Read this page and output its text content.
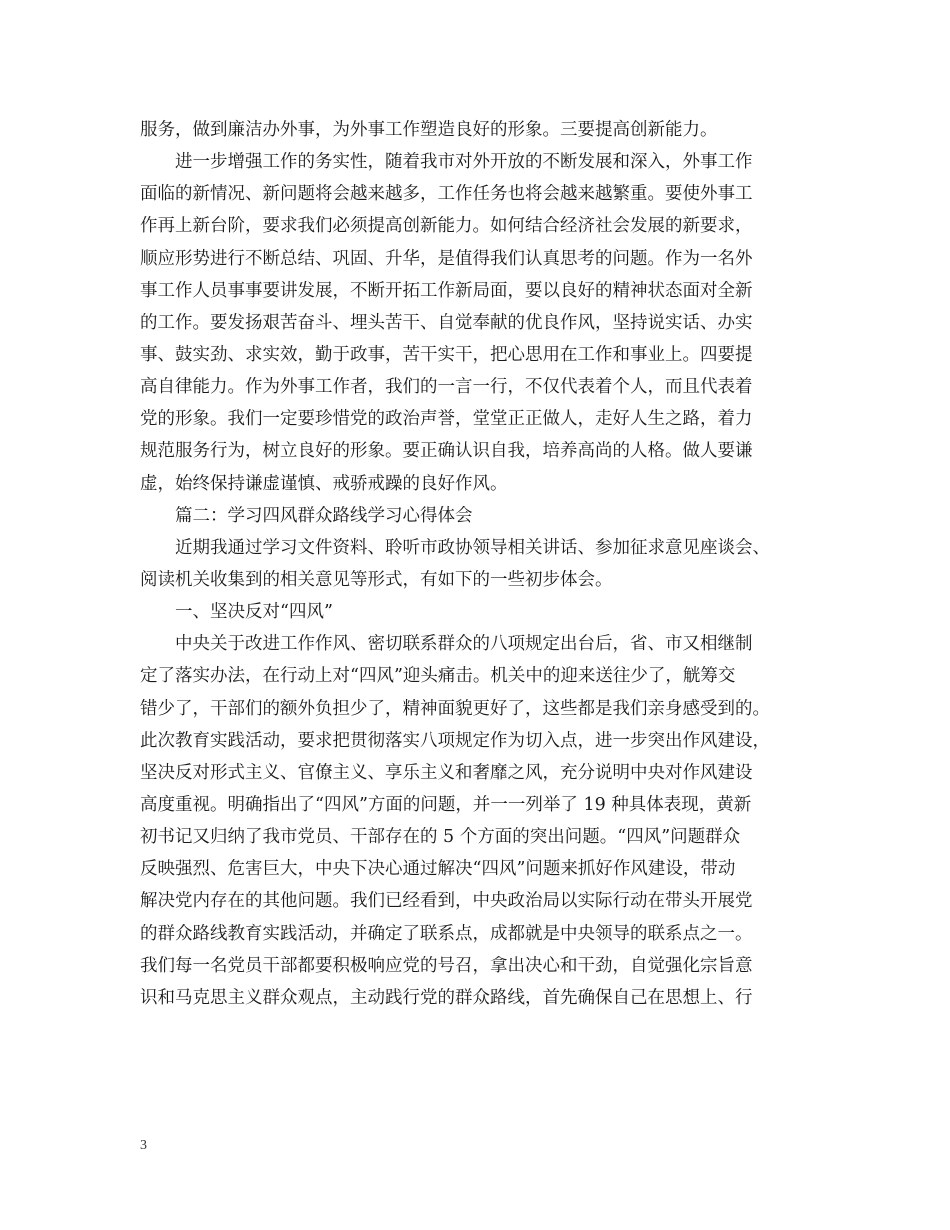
服务，做到廉洁办外事，为外事工作塑造良好的形象。三要提高创新能力。
　　进一步增强工作的务实性，随着我市对外开放的不断发展和深入，外事工作
面临的新情况、新问题将会越来越多，工作任务也将会越来越繁重。要使外事工
作再上新台阶，要求我们必须提高创新能力。如何结合经济社会发展的新要求，
顺应形势进行不断总结、巩固、升华，是值得我们认真思考的问题。作为一名外
事工作人员事事要讲发展，不断开拓工作新局面，要以良好的精神状态面对全新
的工作。要发扬艰苦奋斗、埋头苦干、自觉奉献的优良作风，坚持说实话、办实
事、鼓实劲、求实效，勤于政事，苦干实干，把心思用在工作和事业上。四要提
高自律能力。作为外事工作者，我们的一言一行，不仅代表着个人，而且代表着
党的形象。我们一定要珍惜党的政治声誉，堂堂正正做人，走好人生之路，着力
规范服务行为，树立良好的形象。要正确认识自我，培养高尚的人格。做人要谦
虚，始终保持谦虚谨慎、戒骄戒躁的良好作风。
　　篇二：学习四风群众路线学习心得体会
　　近期我通过学习文件资料、聆听市政协领导相关讲话、参加征求意见座谈会、
阅读机关收集到的相关意见等形式，有如下的一些初步体会。
　　一、坚决反对“四风”
　　中央关于改进工作作风、密切联系群众的八项规定出台后，省、市又相继制
定了落实办法，在行动上对“四风”迎头痛击。机关中的迎来送往少了，觥筹交
错少了，干部们的额外负担少了，精神面貌更好了，这些都是我们亲身感受到的。
此次教育实践活动，要求把贯彻落实八项规定作为切入点，进一步突出作风建设，
坚决反对形式主义、官僚主义、享乐主义和奢靡之风，充分说明中央对作风建设
高度重视。明确指出了“四风”方面的问题，并一一列举了 19 种具体表现，黄新
初书记又归纳了我市党员、干部存在的 5 个方面的突出问题。“四风”问题群众
反映强烈、危害巨大，中央下决心通过解决“四风”问题来抓好作风建设，带动
解决党内存在的其他问题。我们已经看到，中央政治局以实际行动在带头开展党
的群众路线教育实践活动，并确定了联系点，成都就是中央领导的联系点之一。
我们每一名党员干部都要积极响应党的号召，拿出决心和干劲，自觉强化宗旨意
识和马克思主义群众观点，主动践行党的群众路线，首先确保自己在思想上、行
3
